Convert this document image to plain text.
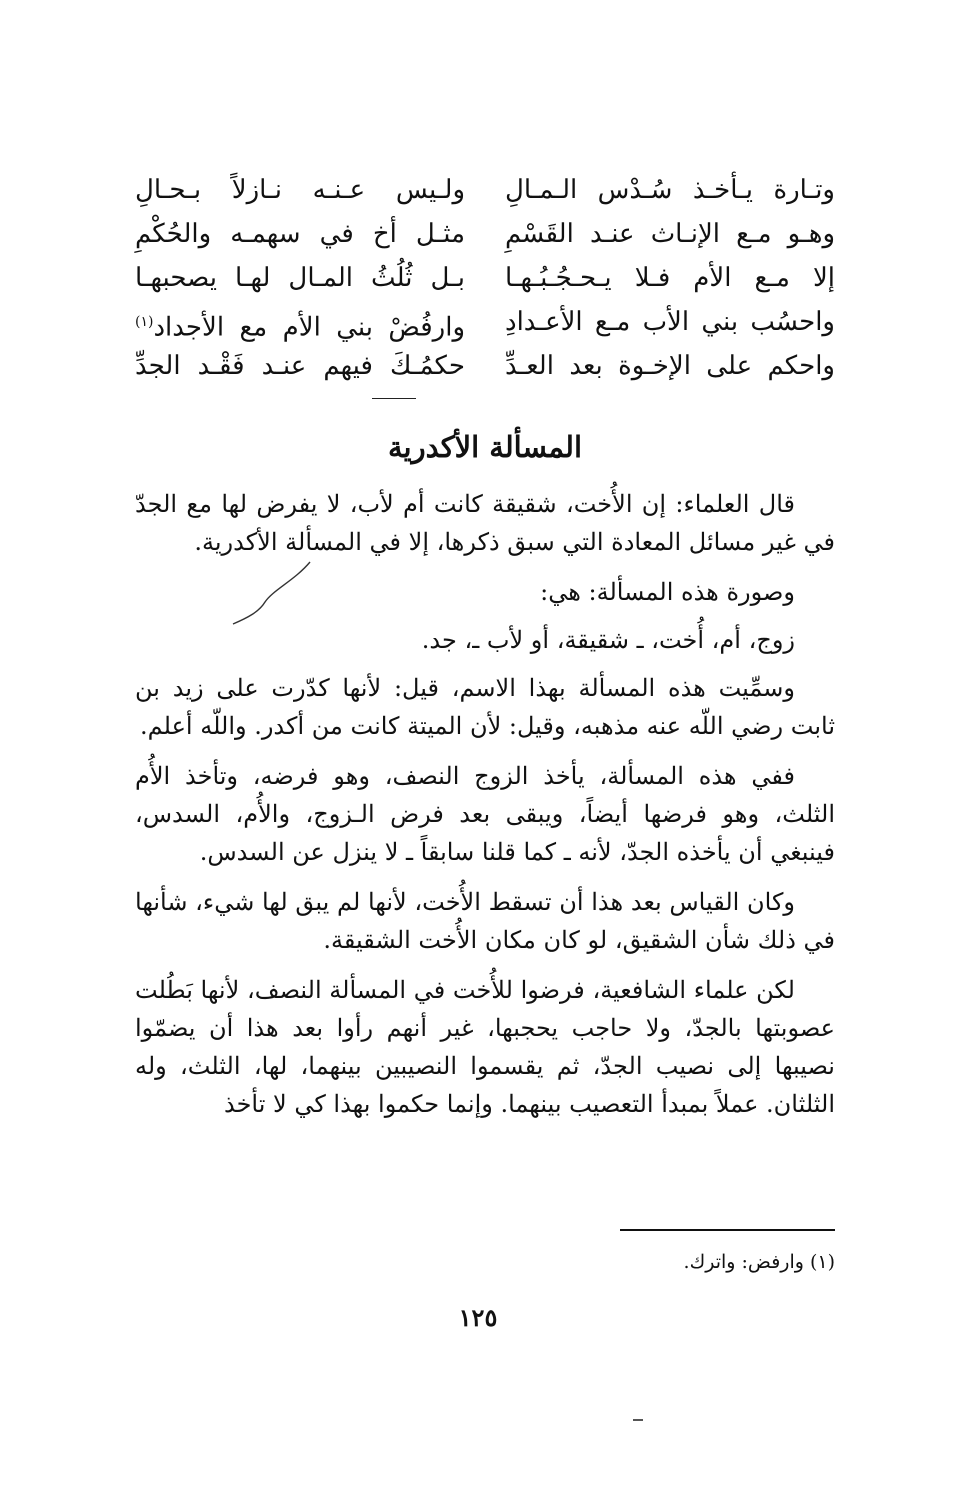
وتـارة يـأخـذ سُـدْس الـمـالِ
ولـيس عـنـه نـازلاً بـحـالِ
وهـو مـع الإنـاث عنـد القَسْمِ
مثـل أخ في سهمـه والحُكْمِ
إلا مـع الأم فـلا يـحـجُـبُـهـا
بـل ثُلُثُ المـال لهـا يصحبهـا
واحسُب بني الأب مـع الأعـدادِ
وارفُضْ بني الأم مع الأجداد$^{(١)}$
واحكم على الإخـوة بعد العـدِّ
حكمُـكَ فيهم عنـد فَقْـد الجدِّ
المسألة الأكدرية

قال العلماء: إن الأُخت، شقيقة كانت أم لأب، لا يفرض لها مع الجدّ في غير مسائل المعادة التي سبق ذكرها، إلا في المسألة الأكدرية.

وصورة هذه المسألة: هي:

زوج، أم، أُخت، ـ شقيقة، أو لأب ـ، جد.

وسمِّيت هذه المسألة بهذا الاسم، قيل: لأنها كدّرت على زيد بن ثابت رضي اللّه عنه مذهبه، وقيل: لأن الميتة كانت من أكدر. واللّه أعلم.

ففي هذه المسألة، يأخذ الزوج النصف، وهو فرضه، وتأخذ الأُم الثلث، وهو فرضها أيضاً، ويبقى بعد فرض الـزوج، والأُم، السدس، فينبغي أن يأخذه الجدّ، لأنه ـ كما قلنا سابقاً ـ لا ينزل عن السدس.

وكان القياس بعد هذا أن تسقط الأُخت، لأنها لم يبق لها شيء، شأنها في ذلك شأن الشقيق، لو كان مكان الأُخت الشقيقة.

لكن علماء الشافعية، فرضوا للأُخت في المسألة النصف، لأنها بَطُلت عصوبتها بالجدّ، ولا حاجب يحجبها، غير أنهم رأوا بعد هذا أن يضمّوا نصيبها إلى نصيب الجدّ، ثم يقسموا النصيبين بينهما، لها، الثلث، وله الثلثان. عملاً بمبدأ التعصيب بينهما. وإنما حكموا بهذا كي لا تأخذ

(١) وارفض: واترك.
١٢٥
